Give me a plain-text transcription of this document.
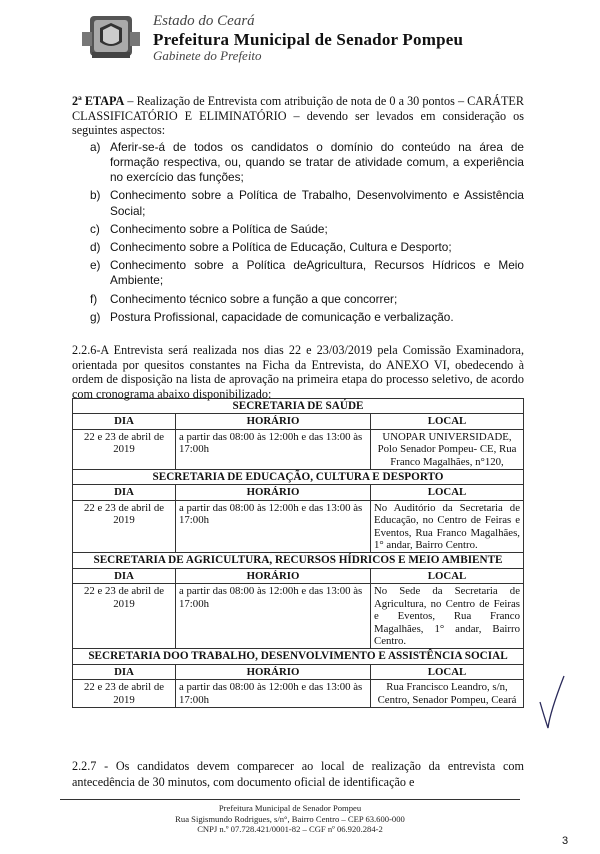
Estado do Ceará
Prefeitura Municipal de Senador Pompeu
Gabinete do Prefeito

2ª ETAPA – Realização de Entrevista com atribuição de nota de 0 a 30 pontos – CARÁTER CLASSIFICATÓRIO E ELIMINATÓRIO – devendo ser levados em consideração os seguintes aspectos:

a) Aferir-se-á de todos os candidatos o domínio do conteúdo na área de formação respectiva, ou, quando se tratar de atividade comum, a experiência no exercício das funções;
b) Conhecimento sobre a Política de Trabalho, Desenvolvimento e Assistência Social;
c) Conhecimento sobre a Política de Saúde;
d) Conhecimento sobre a Política de Educação, Cultura e Desporto;
e) Conhecimento sobre a Política deAgricultura, Recursos Hídricos e Meio Ambiente;
f) Conhecimento técnico sobre a função a que concorrer;
g) Postura Profissional, capacidade de comunicação e verbalização.

2.2.6-A Entrevista será realizada nos dias 22 e 23/03/2019 pela Comissão Examinadora, orientada por quesitos constantes na Ficha da Entrevista, do ANEXO VI, obedecendo à ordem de disposição na lista de aprovação na primeira etapa do processo seletivo, de acordo com cronograma abaixo disponibilizado:

SECRETARIA DE SAÚDE		
DIA	HORÁRIO	LOCAL
22 e 23 de abril de 2019	a partir das 08:00 às 12:00h e das 13:00 às 17:00h	UNOPAR UNIVERSIDADE, Polo Senador Pompeu- CE, Rua Franco Magalhães, n°120,
SECRETARIA DE EDUCAÇÃO, CULTURA E DESPORTO		
DIA	HORÁRIO	LOCAL
22 e 23 de abril de 2019	a partir das 08:00 às 12:00h e das 13:00 às 17:00h	No Auditório da Secretaria de Educação, no Centro de Feiras e Eventos, Rua Franco Magalhães, 1° andar, Bairro Centro.
SECRETARIA DE AGRICULTURA, RECURSOS HÍDRICOS E MEIO AMBIENTE		
DIA	HORÁRIO	LOCAL
22 e 23 de abril de 2019	a partir das 08:00 às 12:00h e das 13:00 às 17:00h	No Sede da Secretaria de Agricultura, no Centro de Feiras e Eventos, Rua Franco Magalhães, 1° andar, Bairro Centro.
SECRETARIA DOO TRABALHO, DESENVOLVIMENTO E ASSISTÊNCIA SOCIAL		
DIA	HORÁRIO	LOCAL
22 e 23 de abril de 2019	a partir das 08:00 às 12:00h e das 13:00 às 17:00h	Rua Francisco Leandro, s/n, Centro, Senador Pompeu, Ceará

2.2.7 - Os candidatos devem comparecer ao local de realização da entrevista com antecedência de 30 minutos, com documento oficial de identificação e

Prefeitura Municipal de Senador Pompeu
Rua Sigismundo Rodrigues, s/n°, Bairro Centro – CEP 63.600-000
CNPJ n.º 07.728.421/0001-82 – CGF nº 06.920.284-2
3
